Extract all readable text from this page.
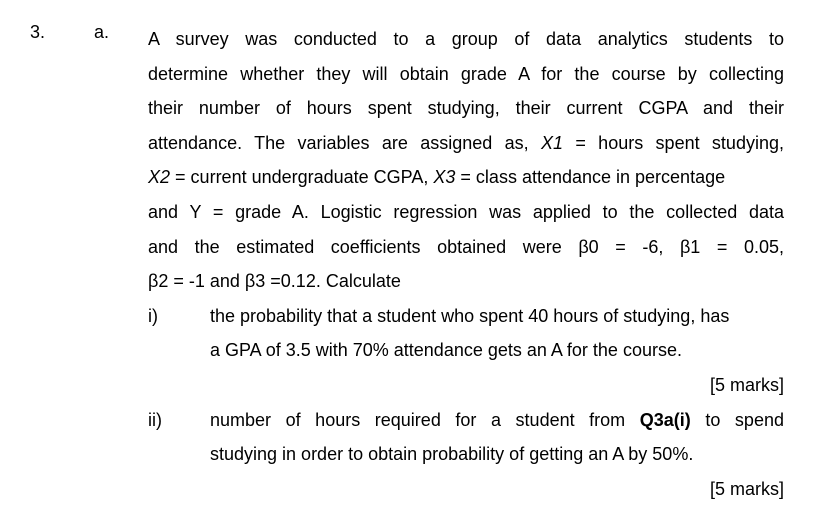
3.	a. A survey was conducted to a group of data analytics students to
determine whether they will obtain grade A for the course by collecting
their number of hours spent studying, their current CGPA and their
attendance. The variables are assigned as, X1 = hours spent studying,
X2 = current undergraduate CGPA, X3 = class attendance in percentage
and Y = grade A. Logistic regression was applied to the collected data
and the estimated coefficients obtained were β0 = -6, β1 = 0.05,
β2 = -1 and β3 =0.12. Calculate
i)	the probability that a student who spent 40 hours of studying, has
a GPA of 3.5 with 70% attendance gets an A for the course.
[5 marks]
ii)	number of hours required for a student from Q3a(i) to spend
studying in order to obtain probability of getting an A by 50%.
[5 marks]
